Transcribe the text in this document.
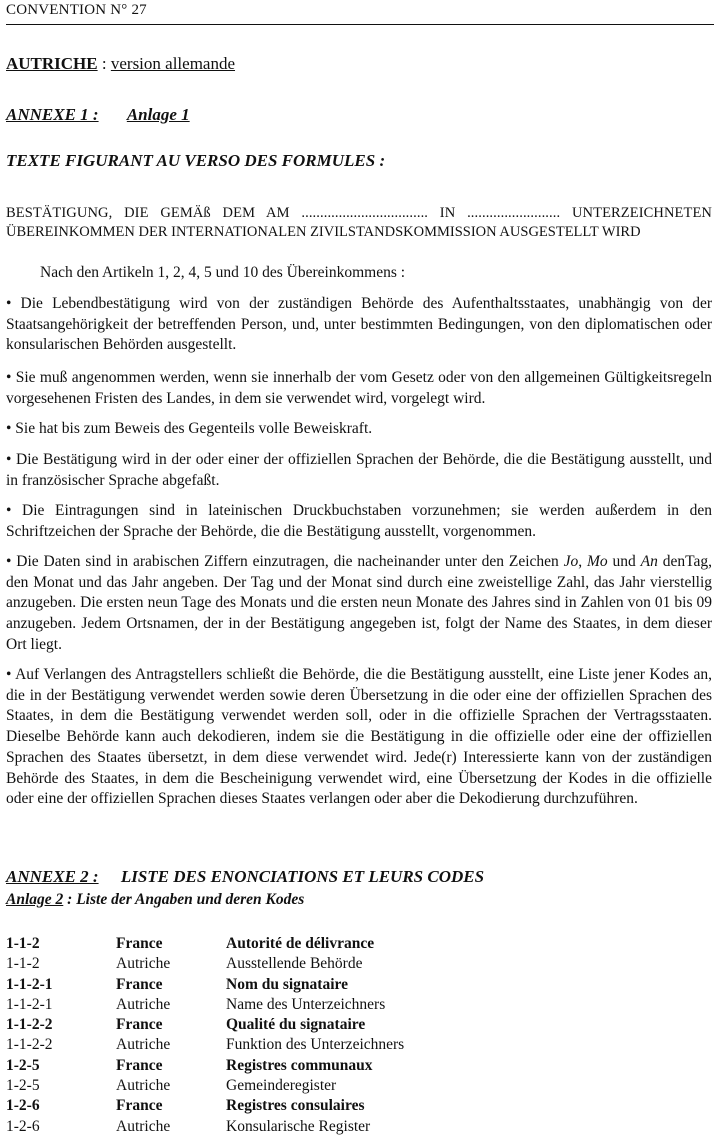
CONVENTION N° 27
AUTRICHE : version allemande
ANNEXE 1 : Anlage 1
TEXTE FIGURANT AU VERSO DES FORMULES :
BESTÄTIGUNG, DIE GEMÄß DEM AM .................................. IN ......................... UNTERZEICHNETEN
ÜBEREINKOMMEN DER INTERNATIONALEN ZIVILSTANDSKOMMISSION AUSGESTELLT WIRD
Nach den Artikeln 1, 2, 4, 5 und 10 des Übereinkommens :
• Die Lebendbestätigung wird von der zuständigen Behörde des Aufenthaltsstaates, unabhängig von der Staatsangehörigkeit der betreffenden Person, und, unter bestimmten Bedingungen, von den diplomatischen oder konsularischen Behörden ausgestellt.
• Sie muß angenommen werden, wenn sie innerhalb der vom Gesetz oder von den allgemeinen Gültigkeitsregeln vorgesehenen Fristen des Landes, in dem sie verwendet wird, vorgelegt wird.
• Sie hat bis zum Beweis des Gegenteils volle Beweiskraft.
• Die Bestätigung wird in der oder einer der offiziellen Sprachen der Behörde, die die Bestätigung ausstellt, und in französischer Sprache abgefaßt.
• Die Eintragungen sind in lateinischen Druckbuchstaben vorzunehmen; sie werden außerdem in den Schriftzeichen der Sprache der Behörde, die die Bestätigung ausstellt, vorgenommen.
• Die Daten sind in arabischen Ziffern einzutragen, die nacheinander unter den Zeichen Jo, Mo und An denTag, den Monat und das Jahr angeben. Der Tag und der Monat sind durch eine zweistellige Zahl, das Jahr vierstellig anzugeben. Die ersten neun Tage des Monats und die ersten neun Monate des Jahres sind in Zahlen von 01 bis 09 anzugeben. Jedem Ortsnamen, der in der Bestätigung angegeben ist, folgt der Name des Staates, in dem dieser Ort liegt.
• Auf Verlangen des Antragstellers schließt die Behörde, die die Bestätigung ausstellt, eine Liste jener Kodes an, die in der Bestätigung verwendet werden sowie deren Übersetzung in die oder eine der offiziellen Sprachen des Staates, in dem die Bestätigung verwendet werden soll, oder in die offizielle Sprachen der Vertragsstaaten. Dieselbe Behörde kann auch dekodieren, indem sie die Bestätigung in die offizielle oder eine der offiziellen Sprachen des Staates übersetzt, in dem diese verwendet wird. Jede(r) Interessierte kann von der zuständigen Behörde des Staates, in dem die Bescheinigung verwendet wird, eine Übersetzung der Kodes in die offizielle oder eine der offiziellen Sprachen dieses Staates verlangen oder aber die Dekodierung durchzuführen.
ANNEXE 2 : LISTE DES ENONCIATIONS ET LEURS CODES
Anlage 2 : Liste der Angaben und deren Kodes
1-1-2	France	Autorité de délivrance
1-1-2	Autriche	Ausstellende Behörde
1-1-2-1	France	Nom du signataire
1-1-2-1	Autriche	Name des Unterzeichners
1-1-2-2	France	Qualité du signataire
1-1-2-2	Autriche	Funktion des Unterzeichners
1-2-5	France	Registres communaux
1-2-5	Autriche	Gemeinderegister
1-2-6	France	Registres consulaires
1-2-6	Autriche	Konsularische Register
